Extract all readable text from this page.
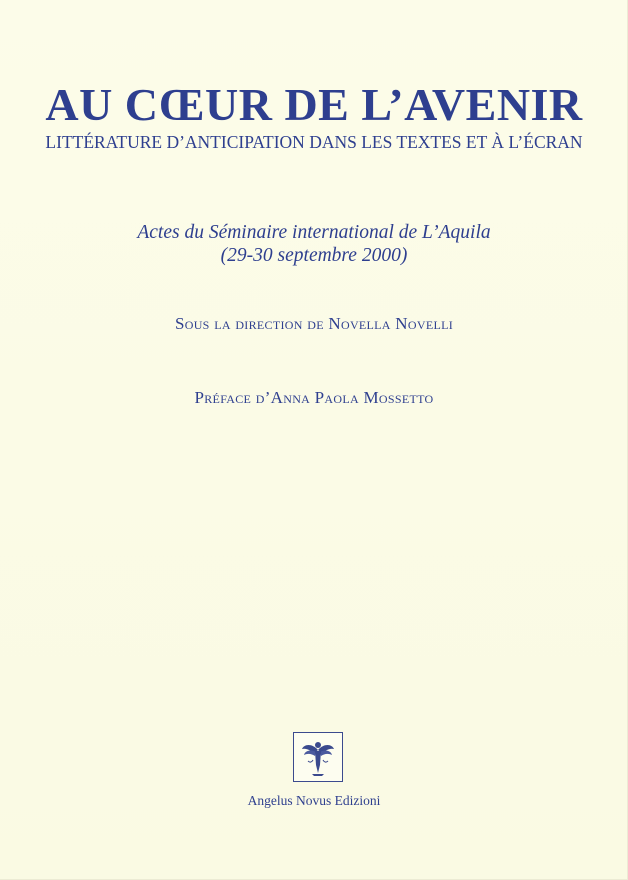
AU CŒUR DE L’AVENIR
LITTÉRATURE D’ANTICIPATION DANS LES TEXTES ET À L’ÉCRAN
Actes du Séminaire international de L’Aquila
(29-30 septembre 2000)
Sous la direction de Novella Novelli
Préface d’Anna Paola Mossetto
Angelus Novus Edizioni
